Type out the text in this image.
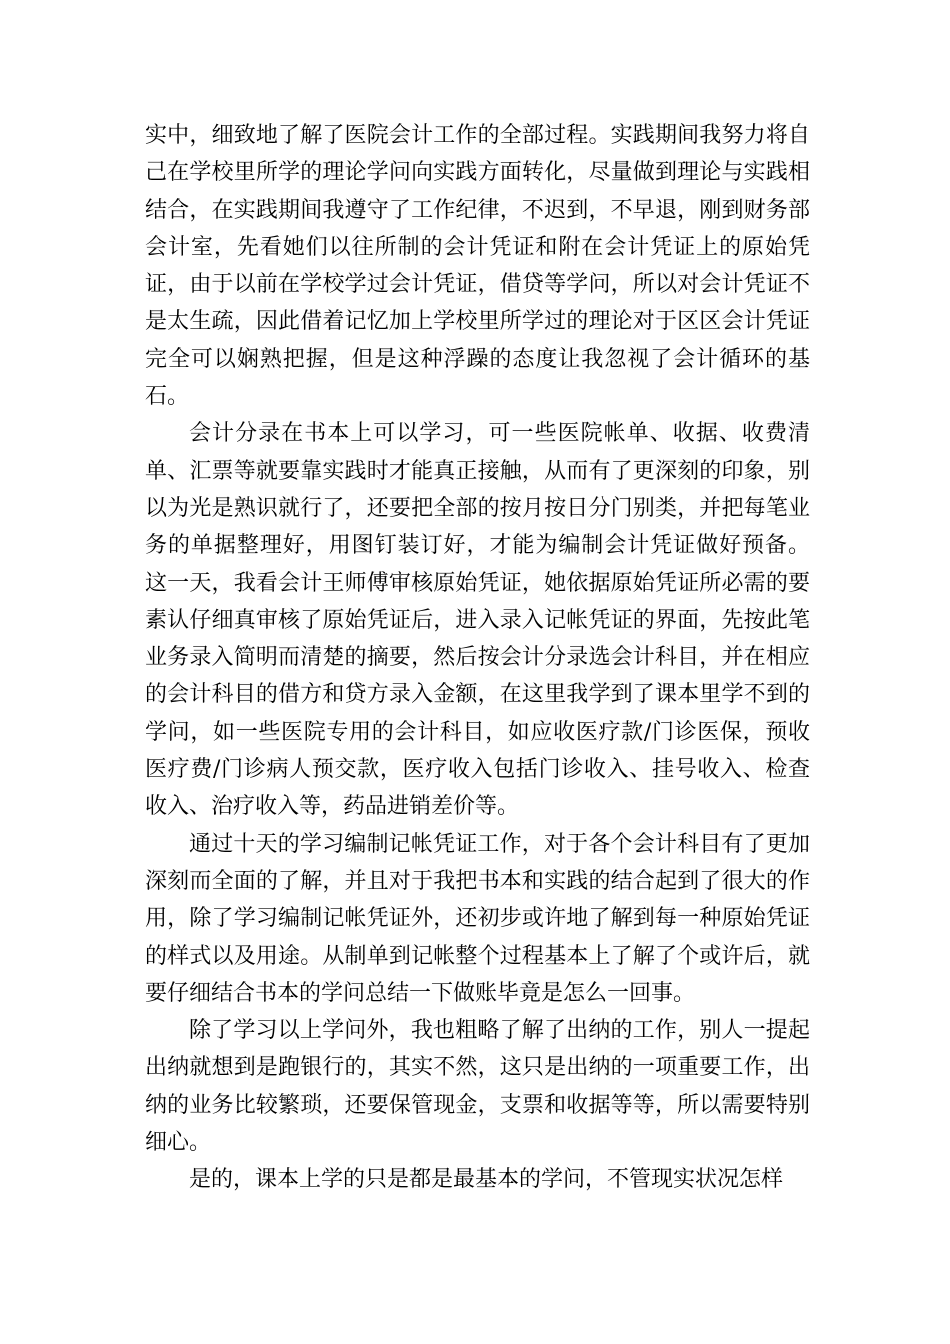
实中，细致地了解了医院会计工作的全部过程。实践期间我努力将自己在学校里所学的理论学问向实践方面转化，尽量做到理论与实践相结合，在实践期间我遵守了工作纪律，不迟到，不早退，刚到财务部会计室，先看她们以往所制的会计凭证和附在会计凭证上的原始凭证，由于以前在学校学过会计凭证，借贷等学问，所以对会计凭证不是太生疏，因此借着记忆加上学校里所学过的理论对于区区会计凭证完全可以娴熟把握，但是这种浮躁的态度让我忽视了会计循环的基石。

会计分录在书本上可以学习，可一些医院帐单、收据、收费清单、汇票等就要靠实践时才能真正接触，从而有了更深刻的印象，别以为光是熟识就行了，还要把全部的按月按日分门别类，并把每笔业务的单据整理好，用图钉装订好，才能为编制会计凭证做好预备。 这一天，我看会计王师傅审核原始凭证，她依据原始凭证所必需的要素认仔细真审核了原始凭证后，进入录入记帐凭证的界面，先按此笔业务录入简明而清楚的摘要，然后按会计分录选会计科目，并在相应的会计科目的借方和贷方录入金额，在这里我学到了课本里学不到的学问，如一些医院专用的会计科目，如应收医疗款/门诊医保，预收医疗费/门诊病人预交款，医疗收入包括门诊收入、挂号收入、检查收入、治疗收入等，药品进销差价等。

通过十天的学习编制记帐凭证工作，对于各个会计科目有了更加深刻而全面的了解，并且对于我把书本和实践的结合起到了很大的作用，除了学习编制记帐凭证外，还初步或许地了解到每一种原始凭证的样式以及用途。从制单到记帐整个过程基本上了解了个或许后，就要仔细结合书本的学问总结一下做账毕竟是怎么一回事。

除了学习以上学问外，我也粗略了解了出纳的工作，别人一提起出纳就想到是跑银行的，其实不然，这只是出纳的一项重要工作，出纳的业务比较繁琐，还要保管现金，支票和收据等等，所以需要特别细心。

是的，课本上学的只是都是最基本的学问，不管现实状况怎样
